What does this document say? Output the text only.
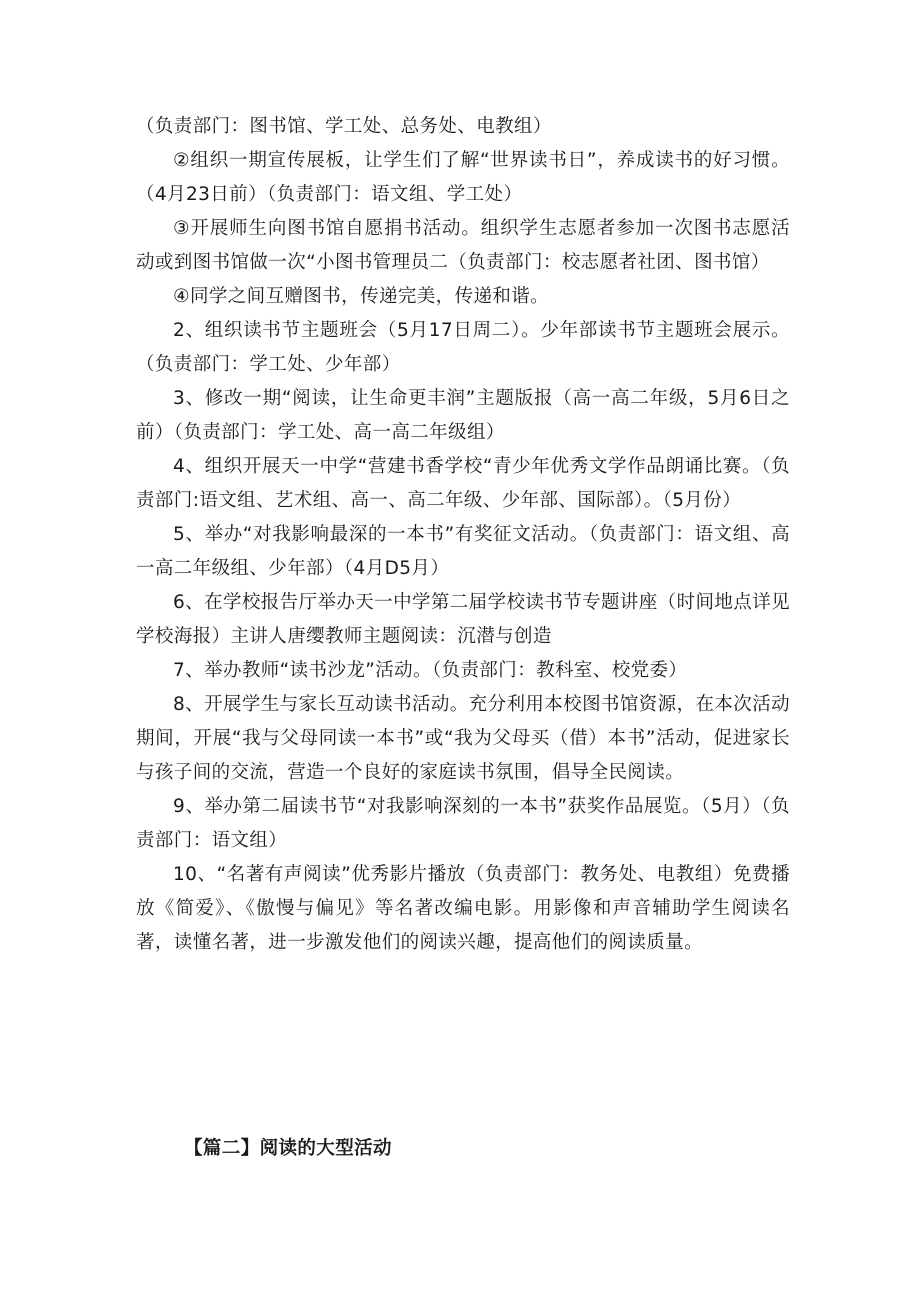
（负责部门：图书馆、学工处、总务处、电教组）

②组织一期宣传展板，让学生们了解“世界读书日”，养成读书的好习惯。（4月23日前）（负责部门：语文组、学工处）

③开展师生向图书馆自愿捐书活动。组织学生志愿者参加一次图书志愿活动或到图书馆做一次“小图书管理员二（负责部门：校志愿者社团、图书馆）

④同学之间互赠图书，传递完美，传递和谐。

2、组织读书节主题班会（5月17日周二）。少年部读书节主题班会展示。（负责部门：学工处、少年部）

3、修改一期“阅读，让生命更丰润”主题版报（高一高二年级，5月6日之前）（负责部门：学工处、高一高二年级组）

4、组织开展天一中学“营建书香学校“青少年优秀文学作品朗诵比赛。（负责部门:语文组、艺术组、高一、高二年级、少年部、国际部）。（5月份）

5、举办“对我影响最深的一本书”有奖征文活动。（负责部门：语文组、高一高二年级组、少年部）（4月D5月）

6、在学校报告厅举办天一中学第二届学校读书节专题讲座（时间地点详见学校海报）主讲人唐缨教师主题阅读：沉潜与创造

7、举办教师“读书沙龙”活动。（负责部门：教科室、校党委）

8、开展学生与家长互动读书活动。充分利用本校图书馆资源，在本次活动期间，开展“我与父母同读一本书”或“我为父母买（借）本书”活动，促进家长与孩子间的交流，营造一个良好的家庭读书氛围，倡导全民阅读。

9、举办第二届读书节“对我影响深刻的一本书”获奖作品展览。（5月）（负责部门：语文组）

10、“名著有声阅读”优秀影片播放（负责部门：教务处、电教组）免费播放《简爱》、《傲慢与偏见》等名著改编电影。用影像和声音辅助学生阅读名著，读懂名著，进一步激发他们的阅读兴趣，提高他们的阅读质量。

【篇二】阅读的大型活动
